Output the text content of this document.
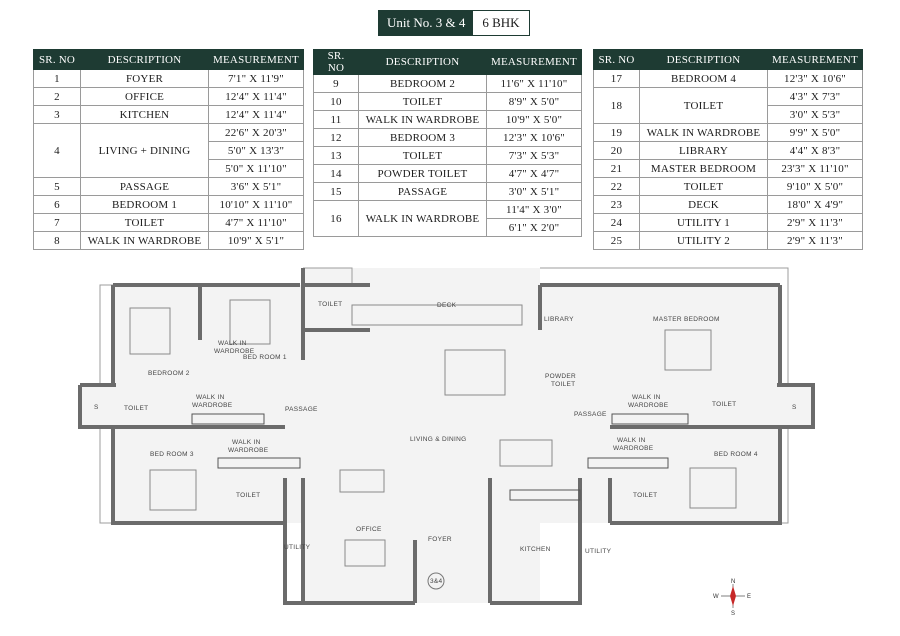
Unit No. 3 & 4	6 BHK
SR. NO	DESCRIPTION	MEASUREMENT
1	FOYER	7'1" X 11'9"
2	OFFICE	12'4" X 11'4"
3	KITCHEN	12'4" X 11'4"
4	LIVING + DINING	22'6" X 20'3"
		5'0" X 13'3"
		5'0" X 11'10"
5	PASSAGE	3'6" X 5'1"
6	BEDROOM 1	10'10" X 11'10"
7	TOILET	4'7" X 11'10"
8	WALK IN WARDROBE	10'9" X 5'1"
SR. NO	DESCRIPTION	MEASUREMENT
9	BEDROOM 2	11'6" X 11'10"
10	TOILET	8'9" X 5'0"
11	WALK IN WARDROBE	10'9" X 5'0"
12	BEDROOM 3	12'3" X 10'6"
13	TOILET	7'3" X 5'3"
14	POWDER TOILET	4'7" X 4'7"
15	PASSAGE	3'0" X 5'1"
16	WALK IN WARDROBE	11'4" X 3'0"
		6'1" X 2'0"
SR. NO	DESCRIPTION	MEASUREMENT
17	BEDROOM 4	12'3" X 10'6"
18	TOILET	4'3" X 7'3"
		3'0" X 5'3"
19	WALK IN WARDROBE	9'9" X 5'0"
20	LIBRARY	4'4" X 8'3"
21	MASTER BEDROOM	23'3" X 11'10"
22	TOILET	9'10" X 5'0"
23	DECK	18'0" X 4'9"
24	UTILITY 1	2'9" X 11'3"
25	UTILITY 2	2'9" X 11'3"
TOILET	DECK
LIBRARY	MASTER BEDROOM
BED ROOM 1
BEDROOM 2
WALK IN
WARDROBE
POWDER
TOILET
TOILET
S
WALK IN
WARDROBE
PASSAGE
PASSAGE
WALK IN
WARDROBE	TOILET	S
LIVING & DINING
WALK IN
WARDROBE
WALK IN
WARDROBE
BED ROOM 3	BED ROOM 4
TOILET	TOILET
OFFICE
FOYER
KITCHEN
UTILITY
UTILITY
3&4	N
S
E
W
